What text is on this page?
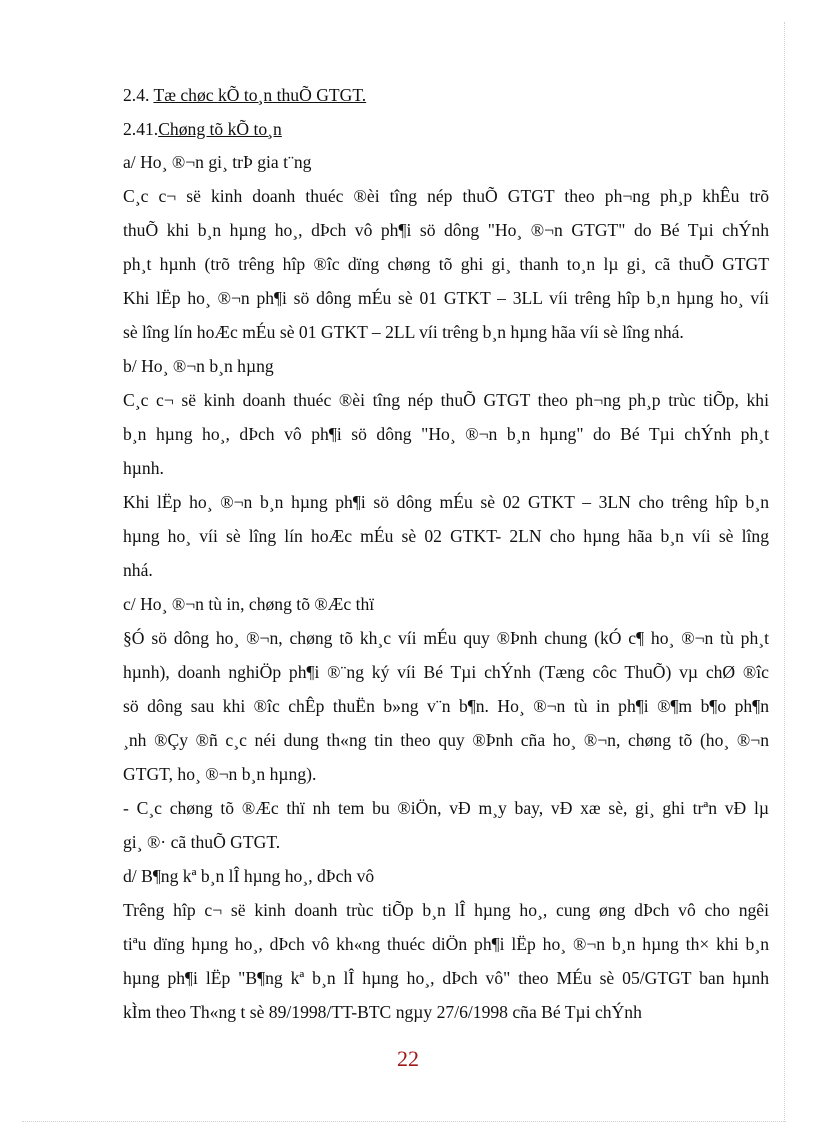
2.4. Tæ chøc kÕ to¸n thuÕ GTGT.

2.41.Chøng tõ kÕ to¸n

a/ Ho¸ ®¬n gi¸ trÞ gia t¨ng

C¸c c¬ së kinh doanh thuéc ®èi tîng nép thuÕ GTGT theo ph¬ng ph¸p khÊu trõ

thuÕ khi b¸n hµng ho¸, dÞch vô ph¶i sö dông "Ho¸ ®¬n GTGT" do Bé Tµi chÝnh

ph¸t hµnh (trõ trêng hîp ®îc dïng chøng tõ ghi gi¸ thanh to¸n lµ gi¸ cã thuÕ GTGT

Khi lËp ho¸ ®¬n ph¶i sö dông mÉu sè 01 GTKT – 3LL víi trêng hîp b¸n hµng ho¸ víi

sè lîng lín hoÆc mÉu sè 01 GTKT – 2LL víi trêng b¸n hµng hãa víi sè lîng nhá.

b/ Ho¸ ®¬n b¸n hµng

C¸c c¬ së kinh doanh thuéc ®èi tîng nép thuÕ GTGT theo ph¬ng ph¸p trùc tiÕp, khi

b¸n hµng ho¸, dÞch vô ph¶i sö dông "Ho¸ ®¬n b¸n hµng" do Bé Tµi chÝnh ph¸t

hµnh.

Khi lËp ho¸ ®¬n b¸n hµng ph¶i sö dông mÉu sè 02 GTKT – 3LN cho trêng hîp b¸n

hµng ho¸ víi sè lîng lín hoÆc mÉu sè 02 GTKT- 2LN cho hµng hãa b¸n víi sè lîng

nhá.

c/ Ho¸ ®¬n tù in, chøng tõ ®Æc thï

§Ó sö dông ho¸ ®¬n, chøng tõ kh¸c víi mÉu quy ®Þnh chung (kÓ c¶ ho¸ ®¬n tù ph¸t

hµnh), doanh nghiÖp ph¶i ®¨ng ký víi Bé Tµi chÝnh (Tæng côc ThuÕ) vµ chØ ®îc

sö dông sau khi ®îc chÊp thuËn b»ng v¨n b¶n. Ho¸ ®¬n tù in ph¶i ®¶m b¶o ph¶n

¸nh ®Çy ®ñ c¸c néi dung th«ng tin theo quy ®Þnh cña ho¸ ®¬n, chøng tõ (ho¸ ®¬n

GTGT, ho¸ ®¬n b¸n hµng).

- C¸c chøng tõ ®Æc thï nh tem bu ®iÖn, vÐ m¸y bay, vÐ xæ sè, gi¸ ghi trªn vÐ lµ

gi¸ ®· cã thuÕ GTGT.

d/ B¶ng kª b¸n lÎ hµng ho¸, dÞch vô

Trêng hîp c¬ së kinh doanh trùc tiÕp b¸n lÎ hµng ho¸, cung øng dÞch vô cho ngêi

tiªu dïng hµng ho¸, dÞch vô kh«ng thuéc diÖn ph¶i lËp ho¸ ®¬n b¸n hµng th× khi b¸n

hµng ph¶i lËp "B¶ng kª b¸n lÎ hµng ho¸, dÞch vô" theo MÉu sè 05/GTGT ban hµnh

kÌm theo Th«ng t sè 89/1998/TT-BTC ngµy 27/6/1998 cña Bé Tµi chÝnh

22
